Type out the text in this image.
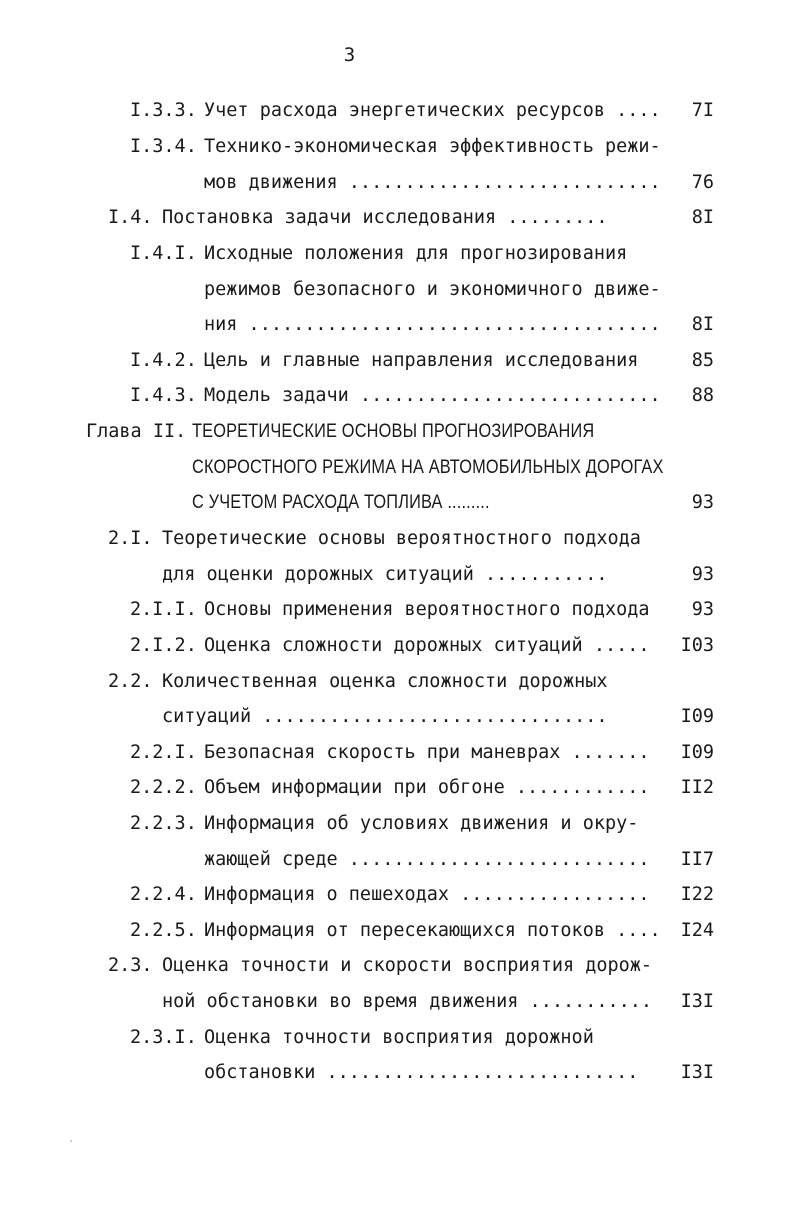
3
I.3.3. Учет расхода энергетических ресурсов ....	7I
I.3.4. Технико-экономическая эффективность режи-
мов движения ............................	76
I.4. Постановка задачи исследования .........	8I
I.4.I. Исходные положения для прогнозирования
режимов безопасного и экономичного движе-
ния .....................................	8I
I.4.2. Цель и главные направления исследования	85
I.4.3. Модель задачи ...........................	88
Глава II. ТЕОРЕТИЧЕСКИЕ ОСНОВЫ ПРОГНОЗИРОВАНИЯ
СКОРОСТНОГО РЕЖИМА НА АВТОМОБИЛЬНЫХ ДОРОГАХ
С УЧЕТОМ РАСХОДА ТОПЛИВА .........	93
2.I. Теоретические основы вероятностного подхода
для оценки дорожных ситуаций ...........	93
2.I.I. Основы применения вероятностного подхода	93
2.I.2. Оценка сложности дорожных ситуаций .....	I03
2.2. Количественная оценка сложности дорожных
ситуаций ...............................	I09
2.2.I. Безопасная скорость при маневрах .......	I09
2.2.2. Объем информации при обгоне ............	II2
2.2.3. Информация об условиях движения и окру-
жающей среде ...........................	II7
2.2.4. Информация о пешеходах .................	I22
2.2.5. Информация от пересекающихся потоков ....	I24
2.3. Оценка точности и скорости восприятия дорож-
ной обстановки во время движения ...........	I3I
2.3.I. Оценка точности восприятия дорожной
обстановки ............................	I3I
